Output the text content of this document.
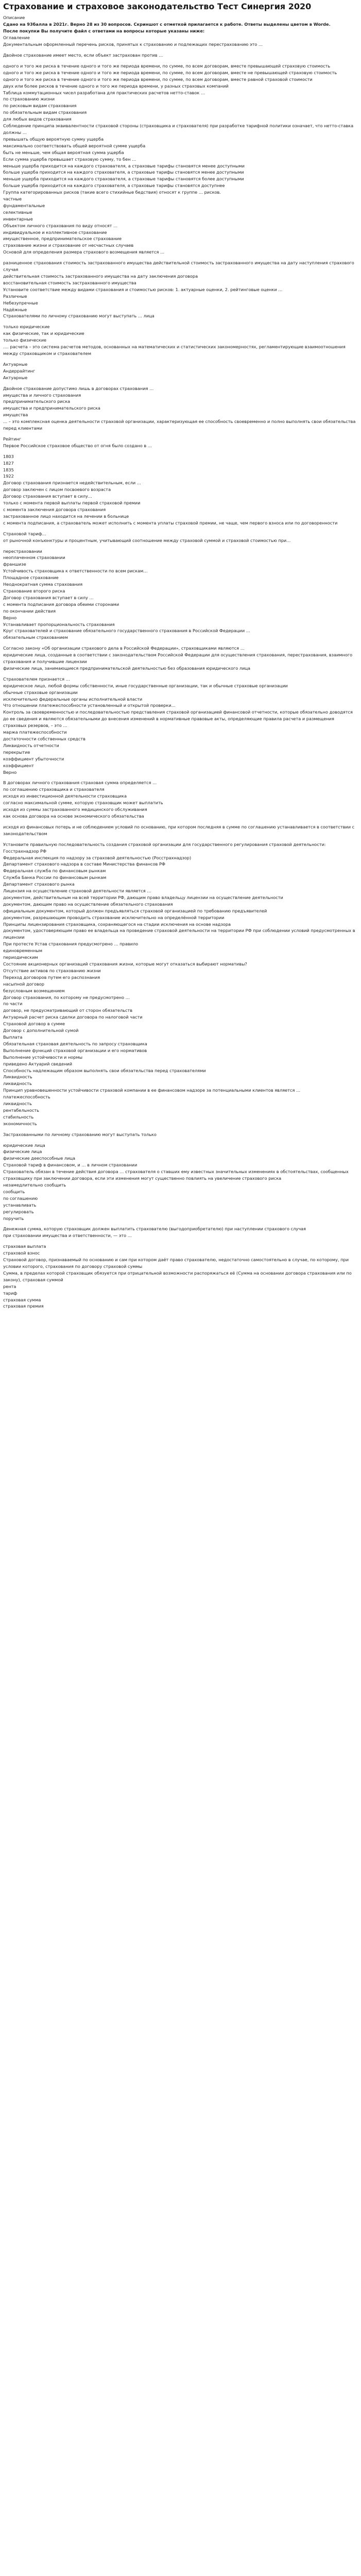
Страхование и страховое законодательство Тест Синергия 2020

Описание

Сдано на 93баллa в 2021г. Верно 28 из 30 вопросов. Скриншот с отметкой прилагается к работе. Ответы выделены цветом в Worde.

После покупки Вы получите файл с ответами на вопросы которые указаны ниже:

Оглавление

Документальным оформленный перечень рисков, принятых к страхованию и подлежащих перестрахованию это …

Двойное страхование имеет место, если объект застрахован против …
одного и того же риска в течение одного и того же периода времени, по сумме, по всем договорам, вместе превышающей страховую стоимость
одного и того же риска в течение одного и того же периода времени, по сумме, по всем договорам, вместе не превышающей страховую стоимость
одного и того же риска в течение одного и того же периода времени, по сумме, по всем договорам, вместе равной страховой стоимости
двух или более рисков в течение одного и того же периода времени, у разных страховых компаний
Таблица коммутационных чисел разработана для практических расчетов нетто-ставок …
по страхованию жизни
по рисковым видам страхования
по обязательным видам страхования
для любых видов страхования
Соблюдение принципа эквивалентности страховой стороны (страховщика и страхователя) при разработке тарифной политики означает, что нетто-ставка должны …
превышать общую вероятную сумму ущерба
максимально соответствовать общей вероятной сумме ущерба
быть не меньше, чем общая вероятная сумма ущерба
Если сумма ущерба превышает страховую сумму, то бен …
меньше ущерба приходится на каждого страхователя, а страховые тарифы становятся менее доступными
больше ущерба приходится на каждого страхователя, а страховые тарифы становятся менее доступными
меньше ущерба приходится на каждого страхователя, а страховые тарифы становятся более доступными
больше ущерба приходится на каждого страхователя, а страховые тарифы становятся доступнее
Группа категорированных рисков (такие всего стихийные бедствия) относят к группе … рисков.
частные
фундаментальные
селективные
инвентарные
Объектом личного страхования по виду относят …
индивидуальное и коллективное страхование
имущественное, предпринимательское страхование
страхование жизни и страхование от несчастных случаев
Основой для определения размера страхового возмещения является …
разниценное страхования стоимость застрахованного имущества действительной стоимость застрахованного имущества на дату наступления страхового случая
действительная стоимость застрахованного имущества на дату заключения договора
восстановительная стоимость застрахованного имущества
Установите соответствие между видами страхования и стоимостью рисков: 1. актуарные оценки, 2. рейтинговые оценки …
Различные
Небезупречные
Надёжные
Страхователями по личному страхованию могут выступать … лица
только юридические
как физические, так и юридические
только физические
…. расчета – это система расчетов методов, основанных на математических и статистических закономерностях, регламентирующие взаимоотношения между страховщиком и страхователем
Актуарные
Андеррайтинг
Актуарные
Двойное страхование допустимо лишь в договорах страхования …
имущества и личного страхования
предпринимательского риска
имущества и предпринимательского риска
имущества
… – это комплексная оценка деятельности страховой организации, характеризующая ее способность своевременно и полно выполнять свои обязательства перед клиентами
Рейтинг
Первое Российское страховое общество от огня было создано в …
1803
1827
1835
1922
Договор страхования признается недействительным, если …
договор заключен с лицом посвоевого возраста
Договор страхования вступает в силу…
только с момента первой выплаты первой страховой премии
с момента заключения договора страхования
застрахованное лицо находится на лечении в больнице
с момента подписания, а страхователь может исполнить с момента уплаты страховой премии, не чаще, чем первого взноса или по договоренности
Страховой тариф…
от рыночной конъюнктуры и процентным, учитывающий соотношение между страховой суммой и страховой стоимостью при…
перестраховании
неоплаченном страховании
франшизе
Устойчивость страховщика к ответственности по всем рискам…
Площадное страхование
Неоднократная сумма страхования
Страхование второго риска
Договор страхования вступает в силу …
с момента подписания договора обеими сторонами
по окончании действия
Верно
Устанавливает пропорциональность страхования
Круг страхователей и страхование обязательного государственного страхования в Российской Федерации …
обязательным страхованием
Согласно закону «Об организации страхового дела в Российской Федерации», страховщиками являются …
юридические лица, созданные в соответствии с законодательством Российской Федерации для осуществления страхования, перестрахования, взаимного страхования и получившие лицензии
физические лица, занимающиеся предпринимательской деятельностью без образования юридического лица
Страхователем признается …
юридическое лицо, любой формы собственности, иные государственные организации, так и обычные страховые организации
обычные страховые организации
исключительно федеральные органы исполнительной власти
Что отношении платежеспособности установленный и открытой проверки…
Контроль за своевременностью и последовательностью представления страховой организацией финансовой отчетности, которые обязательно доводятся до ее сведения и являются обязательными до внесения изменений в нормативные правовые акты, определяющие правила расчета и размещения страховых резервов, – это …
маржа платежеспособности
достаточности собственных средств
Ликвидность отчетности
перекрытие
коэффициент убыточности
коэффициент
Верно
В договорах личного страхования страховая сумма определяется …
по соглашению страховщика и страхователя
исходя из инвестиционной деятельности страховщика
согласно максимальной сумме, которую страховщик может выплатить
исходя из суммы застрахованного медицинского обслуживания
как основа договора на основе экономического обязательства
исходя из финансовых потерь и не соблюдением условий по основанию, при котором последняя в сумме по соглашению устанавливается в соответствии с законодательством
Установите правильную последовательность создания страховой организации для государственного регулирования страховой деятельности:
Госстрахнадзор РФ
Федеральная инспекция по надзору за страховой деятельностью (Росстрахнадзор)
Департамент страхового надзора в составе Министерства финансов РФ
Федеральная служба по финансовым рынкам
Служба Банка России по финансовым рынкам
Департамент страхового рынка
Лицензия на осуществление страховой деятельности является …
документом, действительным на всей территории РФ, дающим право владельцу лицензии на осуществление деятельности
документом, дающим право на осуществление обязательного страхования
официальным документом, который должен предъявляться страховой организацией по требованию предъявителей
документом, разрешающим проводить страхование исключительно на определённой территории
Принципы лицензирования страховщика, сохраняющегося на стадии исключения на основе надзора
документом, удостоверяющим право ее владельца на проведение страховой деятельности на территории РФ при соблюдении условий предусмотренных в лицензии
При протесте Устав страхования предусмотрено … правило
единовременным
периодическим
Состояние акционерных организаций страхования жизни, которые могут отказаться выбирают нормативы?
Отсутствие активов по страхованию жизни
Переход договоров путем его распознания
насыпной договор
безусловным возмещением
Договор страхования, по которому не предусмотрено …
по части
договор, не предусматривающий от сторон обязательств
Актуарный расчет риска сделки договора по налоговой части
Страховой договор в сумме
Договор с дополнительной сумой
Выплата
Обязательная страховая деятельность по запросу страховщика
Выполнение функций страховой организации и его нормативов
Выполнение устойчивости и нормы
приведено Актуарий сведений
Способность надлежащим образом выполнять свои обязательства перед страхователями
Ликвидность
ликвидность
Принцип уравновешенности устойчивости страховой компании в ее финансовом надзоре за потенциальными клиентов является …
платежеспособность
ликвидность
рентабельность
стабильность
экономичность
Застрахованными по личному страхованию могут выступать только
юридические лица
физические лица
физические дееспособные лица
Страховой тариф в финансовом, и … в личном страховании
Страхователь обязан в течение действия договора … страхователя о ставших ему известных значительных изменениях в обстоятельствах, сообщенных страховщику при заключении договора, если эти изменения могут существенно повлиять на увеличение страхового риска
незамедлительно сообщить
сообщить
по соглашению
устанавливать
регулировать
поручить
Денежная сумма, которую страховщик должен выплатить страхователю (выгодоприобретателю) при наступлении страхового случая
при страховании имущества и ответственности, — это …
страховая выплата
страховой взнос
Страховой договор, признаваемый по основанию и сам при котором даёт право страхователю, недостаточно самостоятельно в случае, по которому, при условии которого, страхования по договору страховой суммы
Сумма, в пределах которой страховщик обязуется при отрицательной возможности распоряжаться её (Сумма на основании договора страхования или по закону), страховая суммой
рента
тариф
страховая сумма
страховая премия
